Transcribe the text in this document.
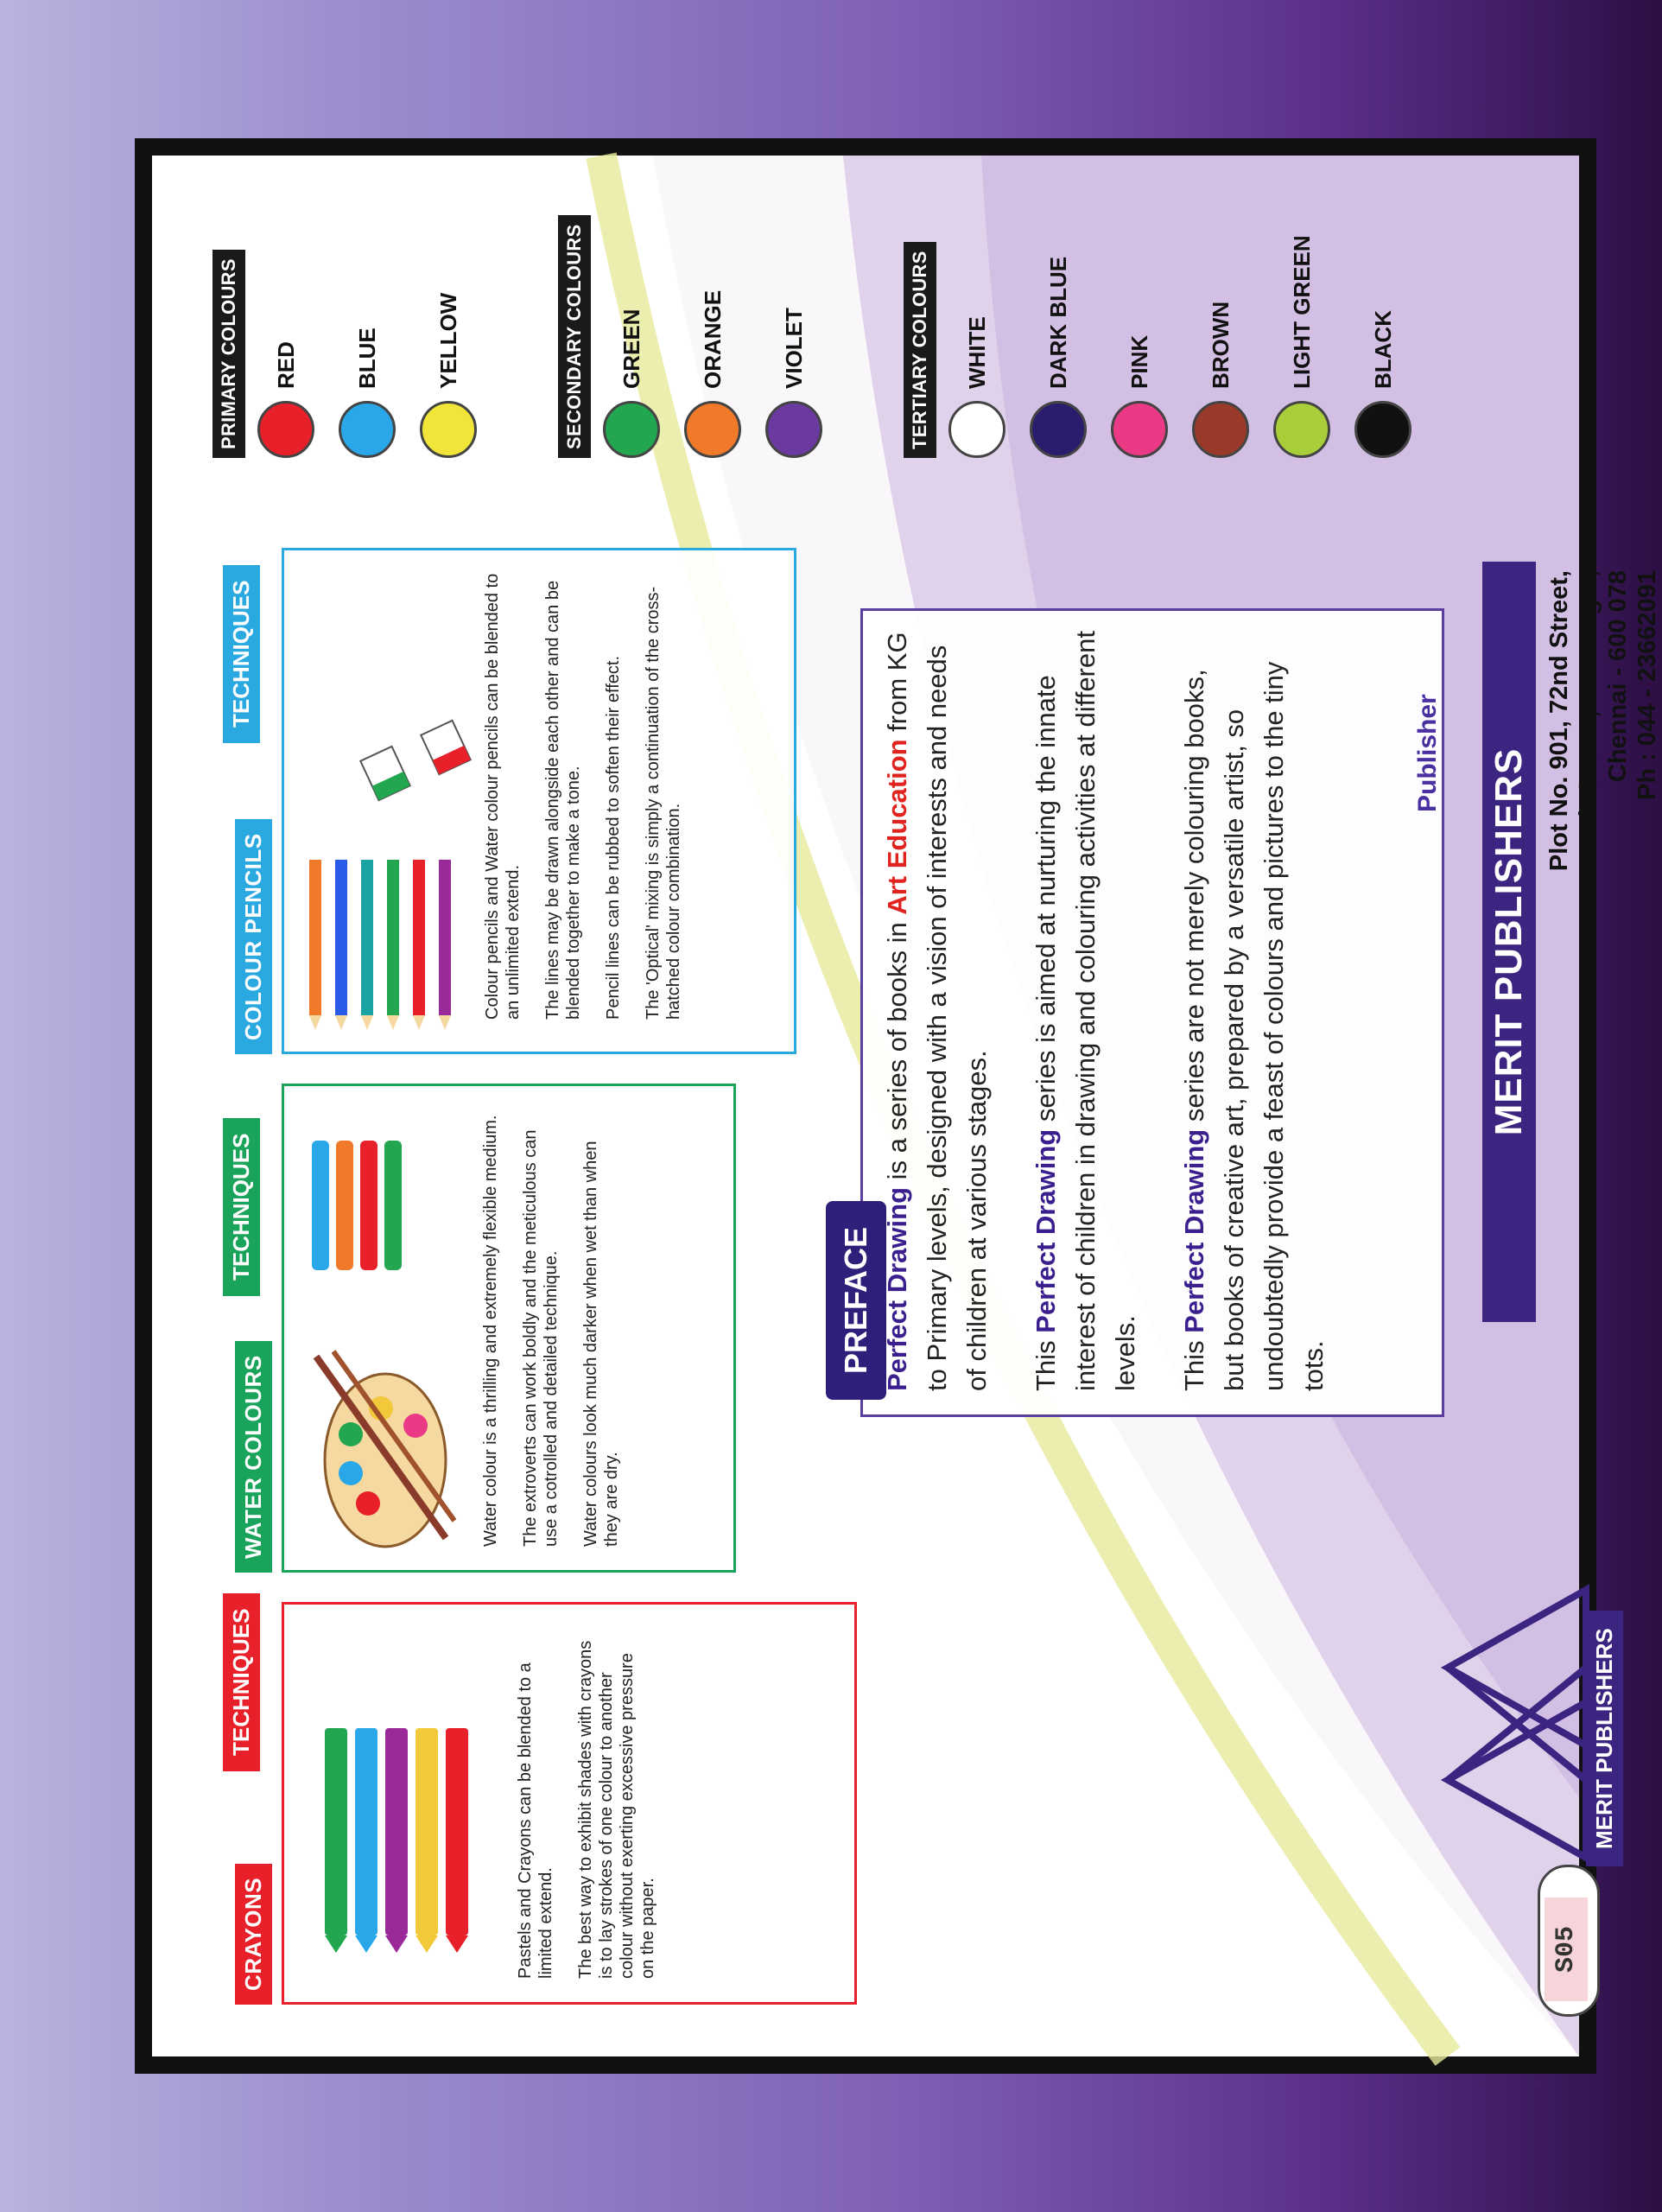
CRAYONS
TECHNIQUES	Pastels and Crayons can be blended to a limited extend. The best way to exhibit shades with crayons is to lay strokes of one colour to another colour without exerting excessive pressure on the paper.

WATER COLOURS
TECHNIQUES	Water colour is a thrilling and extremely flexible medium. The extroverts can work boldly and the meticulous can use a cotrolled and detailed technique. Water colours look much darker when wet than when they are dry.

COLOUR PENCILS
TECHNIQUES	Colour pencils and Water colour pencils can be blended to an unlimited extend. The lines may be drawn alongside each other and can be blended together to make a tone. Pencil lines can be rubbed to soften their effect. The 'Optical' mixing is simply a continuation of the cross-hatched colour combination.

PRIMARY COLOURS RED BLUE YELLOW	SECONDARY COLOURS GREEN ORANGE VIOLET	TERTIARY COLOURS WHITE DARK BLUE PINK BROWN LIGHT GREEN BLACK
PREFACE Perfect Drawing is a series of books in Art Education from KG to Primary levels, designed with a vision of interests and needs of children at various stages. This Perfect Drawing series is aimed at nurturing the innate interest of children in drawing and colouring activities at different levels. This Perfect Drawing series are not merely colouring books, but books of creative art, prepared by a versatile artist, so undoubtedly provide a feast of colours and pictures to the tiny tots.

Publisher
MERIT PUBLISHERS
MERIT PUBLISHERS
Plot No. 901, 72nd Street, 11th Sector, K.K. Nagar, Chennai - 600 078 Ph : 044 - 23662091
S05
